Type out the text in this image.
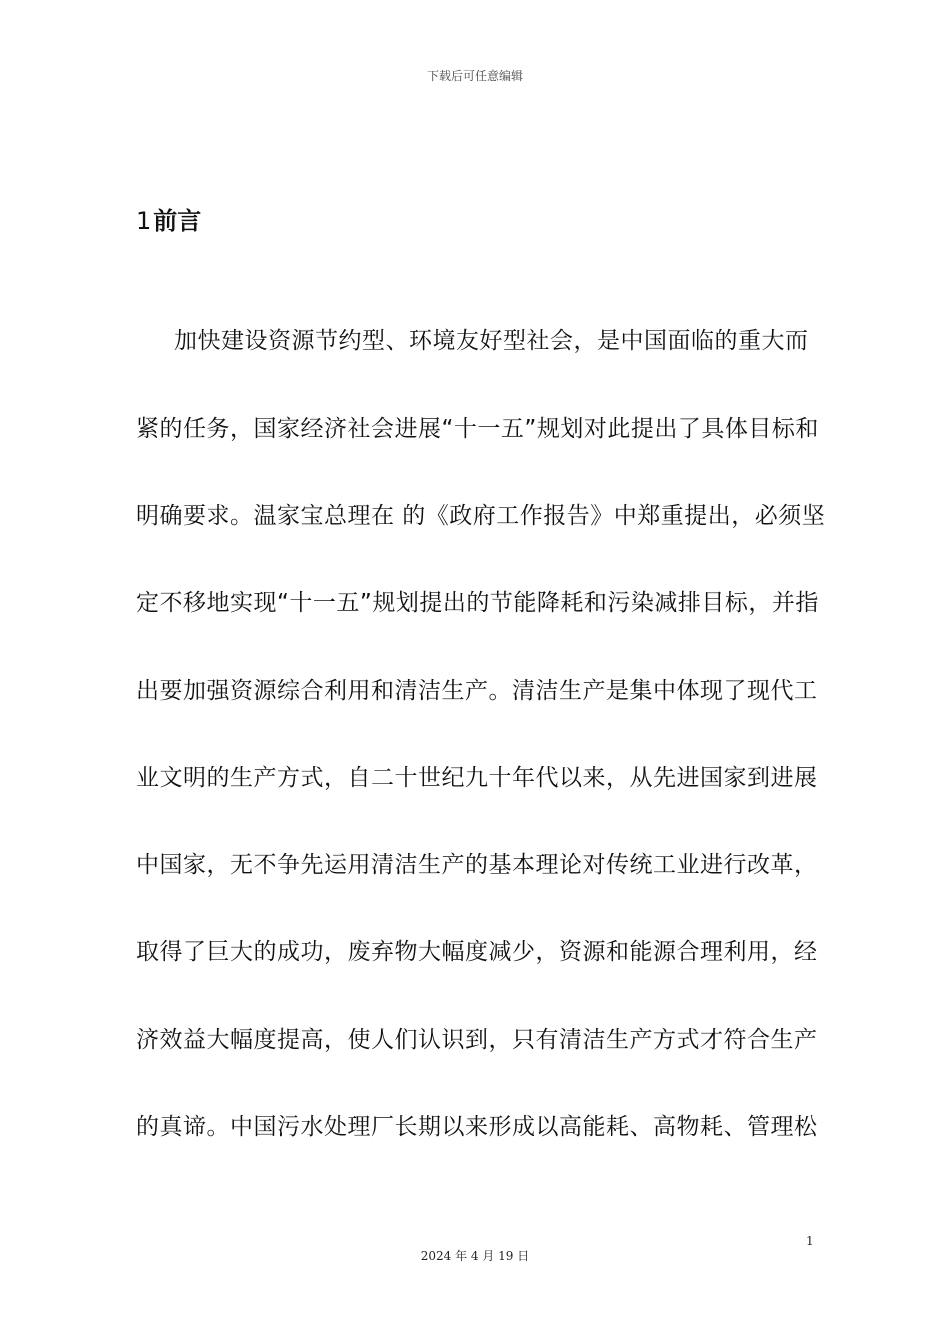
下载后可任意编辑
1前言
加快建设资源节约型、环境友好型社会，是中国面临的重大而
紧的任务，国家经济社会进展“十一五”规划对此提出了具体目标和
明确要求。温家宝总理在 的《政府工作报告》中郑重提出，必须坚
定不移地实现“十一五”规划提出的节能降耗和污染减排目标，并指
出要加强资源综合利用和清洁生产。清洁生产是集中体现了现代工
业文明的生产方式，自二十世纪九十年代以来，从先进国家到进展
中国家，无不争先运用清洁生产的基本理论对传统工业进行改革，
取得了巨大的成功，废弃物大幅度减少，资源和能源合理利用，经
济效益大幅度提高，使人们认识到，只有清洁生产方式才符合生产
的真谛。中国污水处理厂长期以来形成以高能耗、高物耗、管理松
1
2024 年 4 月 19 日
